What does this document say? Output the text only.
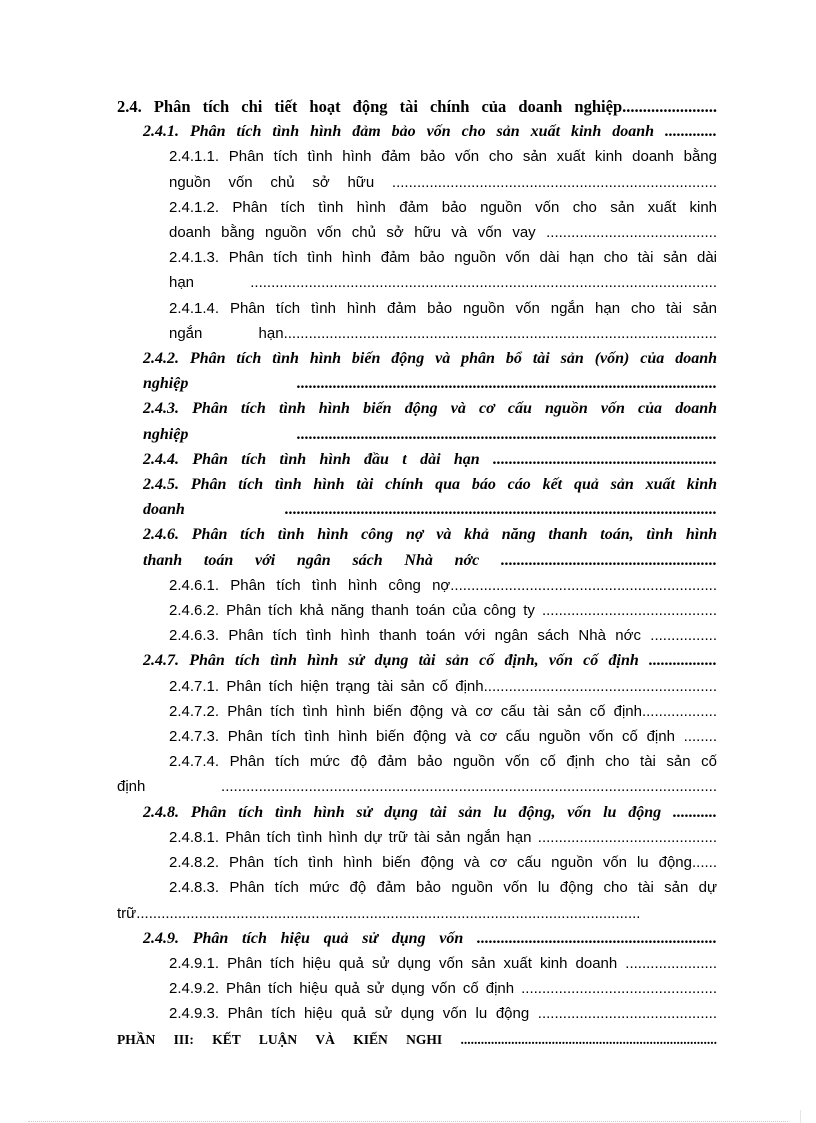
2.4. Phân tích chi tiết hoạt động tài chính của doanh nghiệp.......................
2.4.1. Phân tích tình hình đảm bảo vốn cho sản xuất kinh doanh .............
2.4.1.1. Phân tích tình hình đảm bảo vốn cho sản xuất kinh doanh bằng
nguồn vốn chủ sở hữu ..............................................................................
2.4.1.2. Phân tích tình hình đảm bảo nguồn vốn cho sản xuất kinh
doanh bằng nguồn vốn chủ sở hữu và vốn vay .........................................
2.4.1.3. Phân tích tình hình đảm bảo nguồn vốn dài hạn cho tài sản dài
hạn ................................................................................................................
2.4.1.4. Phân tích tình hình đảm bảo nguồn vốn ngắn hạn cho tài sản
ngắn hạn........................................................................................................
2.4.2. Phân tích tình hình biến động và phân bổ tài sản (vốn) của doanh
nghiệp .........................................................................................................
2.4.3. Phân tích tình hình biến động và cơ cấu nguồn vốn của doanh
nghiệp .........................................................................................................
2.4.4. Phân tích tình hình đầu t dài hạn ........................................................
2.4.5. Phân tích tình hình tài chính qua báo cáo kết quả sản xuất kinh
doanh ............................................................................................................
2.4.6. Phân tích tình hình công nợ và khả năng thanh toán, tình hình
thanh toán với ngân sách Nhà nớc ......................................................
2.4.6.1. Phân tích tình hình công nợ................................................................
2.4.6.2. Phân tích khả năng thanh toán của công ty ..........................................
2.4.6.3. Phân tích tình hình thanh toán với ngân sách Nhà nớc ................
2.4.7. Phân tích tình hình sử dụng tài sản cố định, vốn cố định .................
2.4.7.1. Phân tích hiện trạng tài sản cố định........................................................
2.4.7.2. Phân tích tình hình biến động và cơ cấu tài sản cố định..................
2.4.7.3. Phân tích tình hình biến động và cơ cấu nguồn vốn cố định ........
2.4.7.4. Phân tích mức độ đảm bảo nguồn vốn cố định cho tài sản cố
định .......................................................................................................................
2.4.8. Phân tích tình hình sử dụng tài sản lu động, vốn lu động ...........
2.4.8.1. Phân tích tình hình dự trữ tài sản ngắn hạn ...........................................
2.4.8.2. Phân tích tình hình biến động và cơ cấu nguồn vốn lu động......
2.4.8.3. Phân tích mức độ đảm bảo nguồn vốn lu động cho tài sản dự
trữ.........................................................................................................................
2.4.9. Phân tích hiệu quả sử dụng vốn ............................................................
2.4.9.1. Phân tích hiệu quả sử dụng vốn sản xuất kinh doanh ......................
2.4.9.2. Phân tích hiệu quả sử dụng vốn cố định ...............................................
2.4.9.3. Phân tích hiệu quả sử dụng vốn lu động ...........................................
PHẦN III: KẾT LUẬN VÀ KIẾN NGHI ............................................................................
